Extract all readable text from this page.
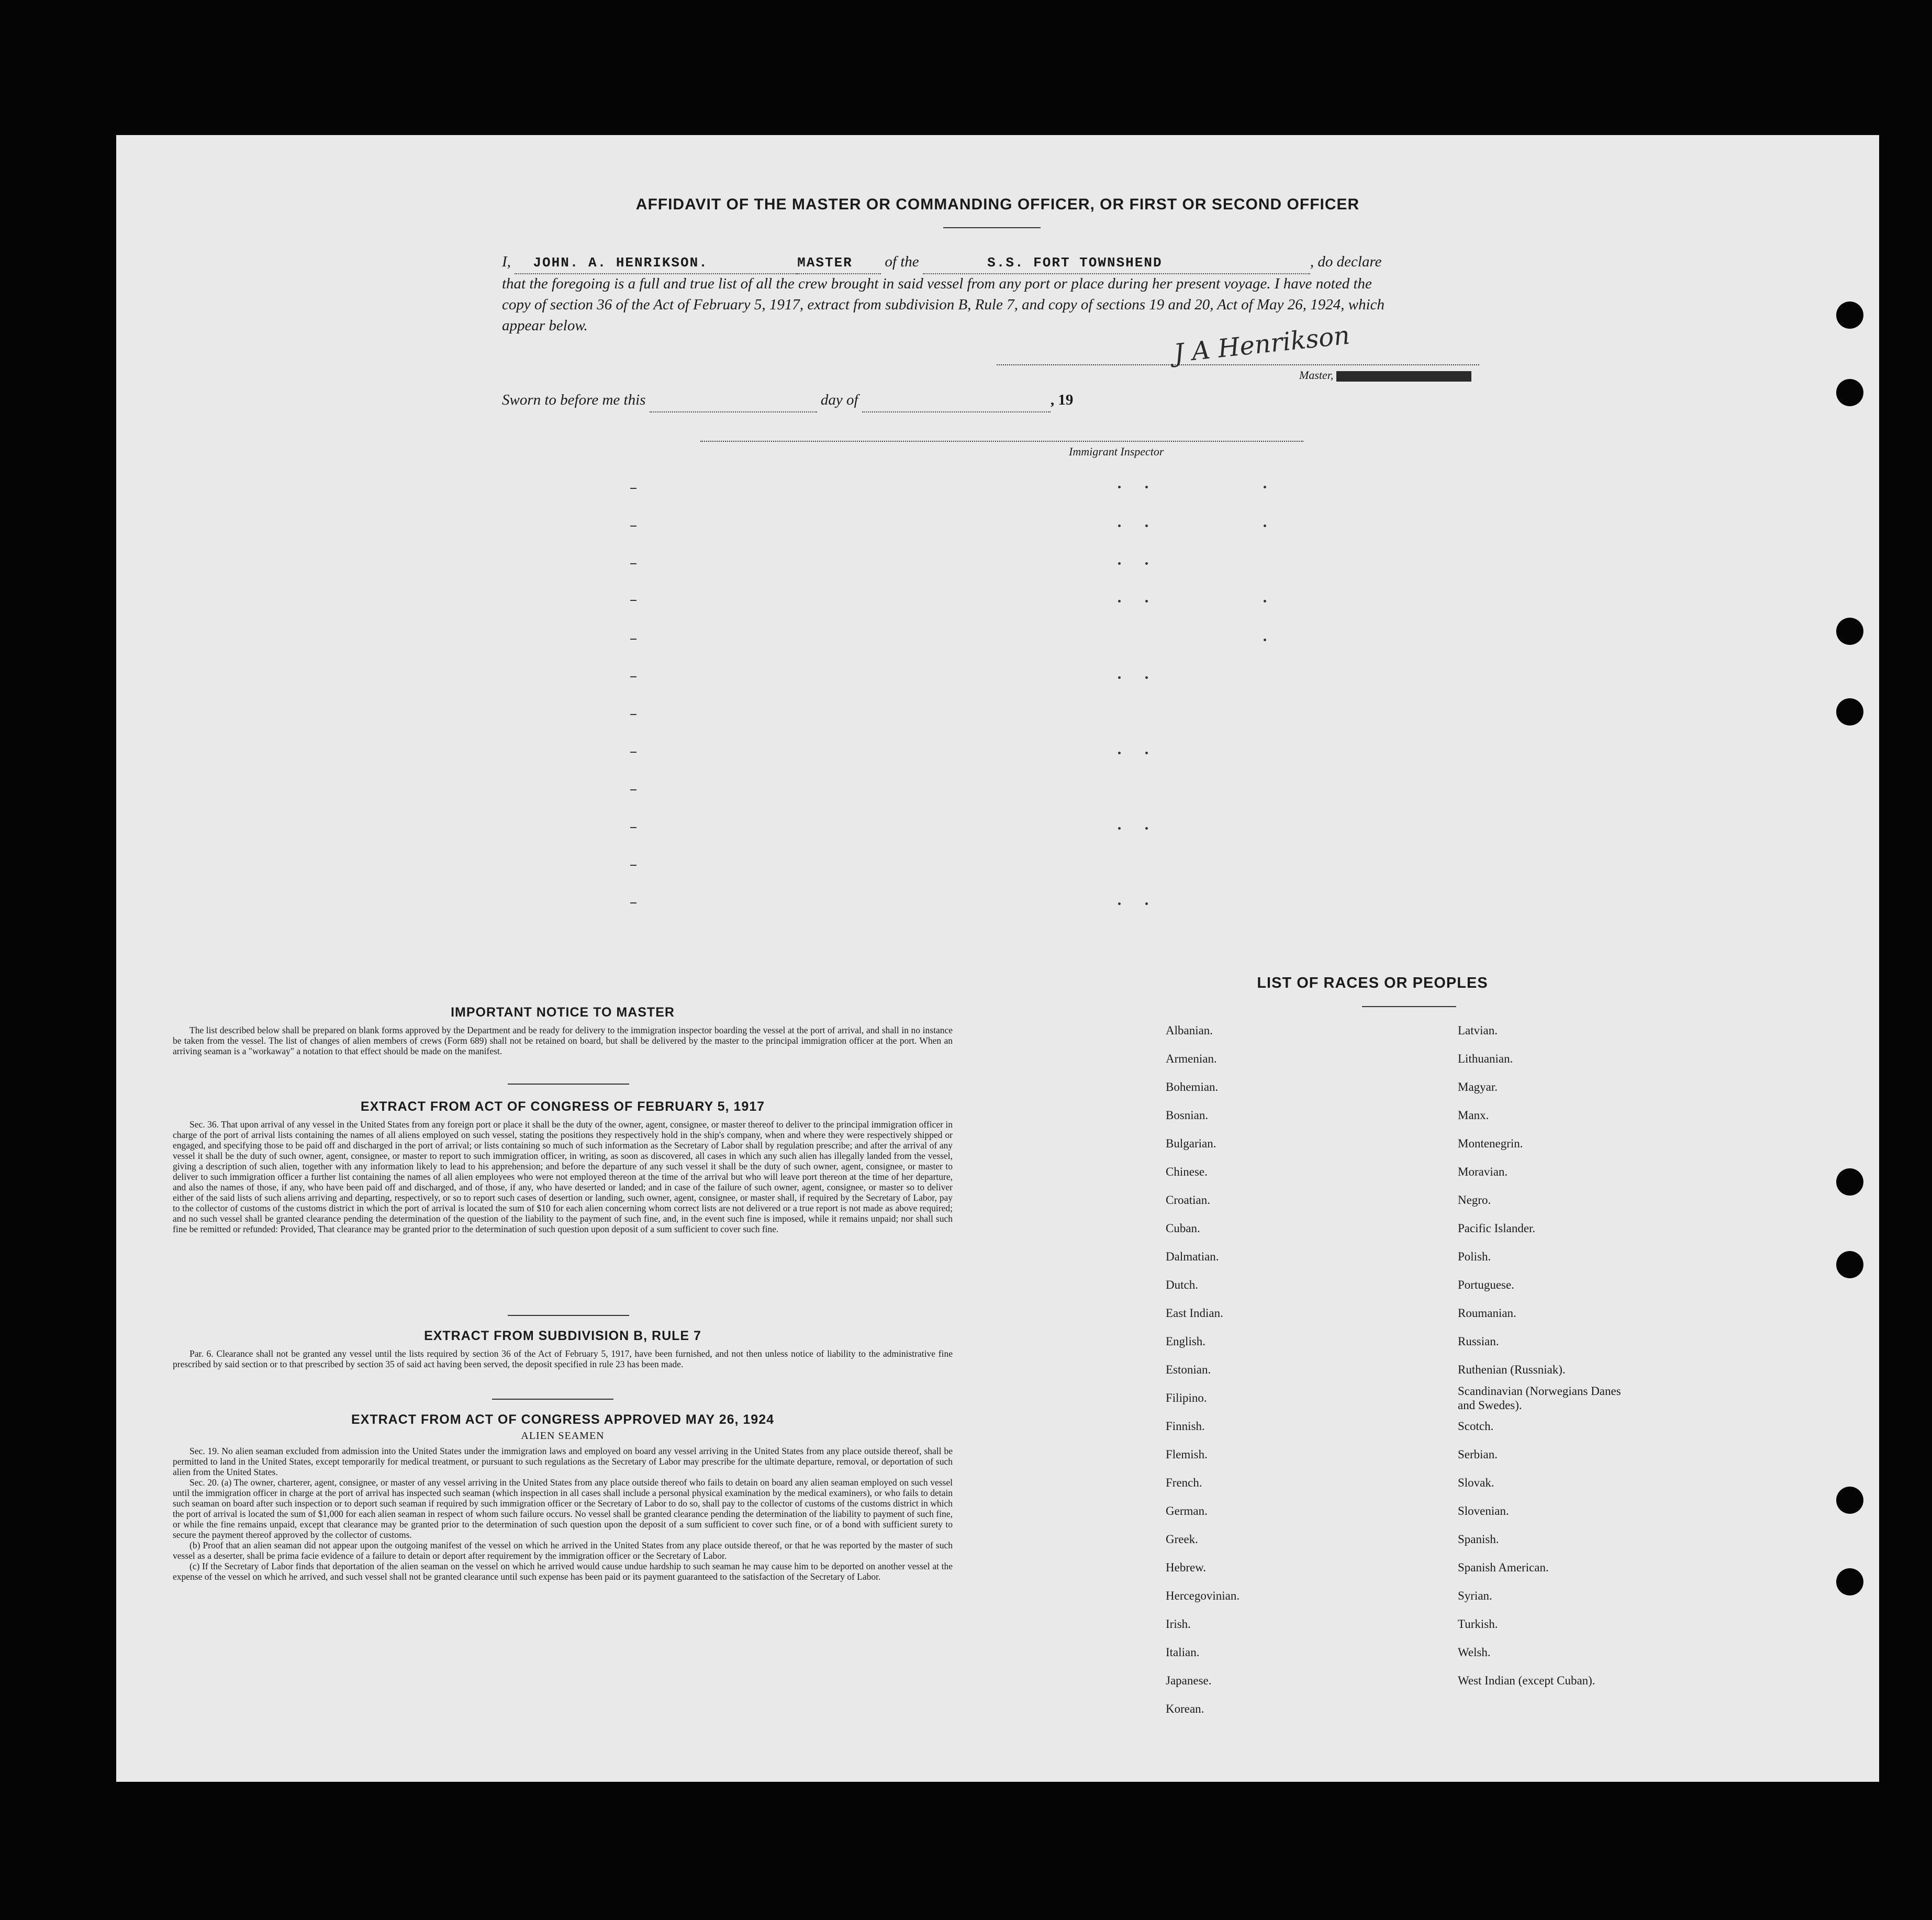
AFFIDAVIT OF THE MASTER OR COMMANDING OFFICER, OR FIRST OR SECOND OFFICER
I, JOHN. A. HENRIKSON.	MASTER of the	S.S. FORT TOWNSHEND	, do declare
that the foregoing is a full and true list of all the crew brought in said vessel from any port or place during her present voyage. I have noted the
copy of section 36 of the Act of February 5, 1917, extract from subdivision B, Rule 7, and copy of sections 19 and 20, Act of May 26, 1924, which
appear below.	J A Henrikson
Master,
Sworn to before me this	day of	, 19
Immigrant Inspector
IMPORTANT NOTICE TO MASTER
The list described below shall be prepared on blank forms approved by the Department and be ready for delivery to the immigration inspector boarding the vessel at the port of arrival, and shall in no instance be taken from the vessel. The list of changes of alien members of crews (Form 689) shall not be retained on board, but shall be delivered by the master to the principal immigration officer at the port. When an arriving seaman is a "workaway" a notation to that effect should be made on the manifest.
EXTRACT FROM ACT OF CONGRESS OF FEBRUARY 5, 1917
Sec. 36. That upon arrival of any vessel in the United States from any foreign port or place it shall be the duty of the owner, agent, consignee, or master thereof to deliver to the principal immigration officer in charge of the port of arrival lists containing the names of all aliens employed on such vessel, stating the positions they respectively hold in the ship's company, when and where they were respectively shipped or engaged, and specifying those to be paid off and discharged in the port of arrival; or lists containing so much of such information as the Secretary of Labor shall by regulation prescribe; and after the arrival of any vessel it shall be the duty of such owner, agent, consignee, or master to report to such immigration officer, in writing, as soon as discovered, all cases in which any such alien has illegally landed from the vessel, giving a description of such alien, together with any information likely to lead to his apprehension; and before the departure of any such vessel it shall be the duty of such owner, agent, consignee, or master to deliver to such immigration officer a further list containing the names of all alien employees who were not employed thereon at the time of the arrival but who will leave port thereon at the time of her departure, and also the names of those, if any, who have been paid off and discharged, and of those, if any, who have deserted or landed; and in case of the failure of such owner, agent, consignee, or master so to deliver either of the said lists of such aliens arriving and departing, respectively, or so to report such cases of desertion or landing, such owner, agent, consignee, or master shall, if required by the Secretary of Labor, pay to the collector of customs of the customs district in which the port of arrival is located the sum of $10 for each alien concerning whom correct lists are not delivered or a true report is not made as above required; and no such vessel shall be granted clearance pending the determination of the question of the liability to the payment of such fine, and, in the event such fine is imposed, while it remains unpaid; nor shall such fine be remitted or refunded: Provided, That clearance may be granted prior to the determination of such question upon deposit of a sum sufficient to cover such fine.
EXTRACT FROM SUBDIVISION B, RULE 7
Par. 6. Clearance shall not be granted any vessel until the lists required by section 36 of the Act of February 5, 1917, have been furnished, and not then unless notice of liability to the administrative fine prescribed by said section or to that prescribed by section 35 of said act having been served, the deposit specified in rule 23 has been made.
EXTRACT FROM ACT OF CONGRESS APPROVED MAY 26, 1924
ALIEN SEAMEN

Sec. 19. No alien seaman excluded from admission into the United States under the immigration laws and employed on board any vessel arriving in the United States from any place outside thereof, shall be permitted to land in the United States, except temporarily for medical treatment, or pursuant to such regulations as the Secretary of Labor may prescribe for the ultimate departure, removal, or deportation of such alien from the United States.

Sec. 20. (a) The owner, charterer, agent, consignee, or master of any vessel arriving in the United States from any place outside thereof who fails to detain on board any alien seaman employed on such vessel until the immigration officer in charge at the port of arrival has inspected such seaman (which inspection in all cases shall include a personal physical examination by the medical examiners), or who fails to detain such seaman on board after such inspection or to deport such seaman if required by such immigration officer or the Secretary of Labor to do so, shall pay to the collector of customs of the customs district in which the port of arrival is located the sum of $1,000 for each alien seaman in respect of whom such failure occurs. No vessel shall be granted clearance pending the determination of the liability to payment of such fine, or while the fine remains unpaid, except that clearance may be granted prior to the determination of such question upon the deposit of a sum sufficient to cover such fine, or of a bond with sufficient surety to secure the payment thereof approved by the collector of customs.

(b) Proof that an alien seaman did not appear upon the outgoing manifest of the vessel on which he arrived in the United States from any place outside thereof, or that he was reported by the master of such vessel as a deserter, shall be prima facie evidence of a failure to detain or deport after requirement by the immigration officer or the Secretary of Labor.

(c) If the Secretary of Labor finds that deportation of the alien seaman on the vessel on which he arrived would cause undue hardship to such seaman he may cause him to be deported on another vessel at the expense of the vessel on which he arrived, and such vessel shall not be granted clearance until such expense has been paid or its payment guaranteed to the satisfaction of the Secretary of Labor.

LIST OF RACES OR PEOPLES
Albanian.
Armenian.
Bohemian.
Bosnian.
Bulgarian.
Chinese.
Croatian.
Cuban.
Dalmatian.
Dutch.
East Indian.
English.
Estonian.
Filipino.
Finnish.
Flemish.
French.
German.
Greek.
Hebrew.
Hercegovinian.
Irish.
Italian.
Japanese.
Korean.
Latvian.
Lithuanian.
Magyar.
Manx.
Montenegrin.
Moravian.
Negro.
Pacific Islander.
Polish.
Portuguese.
Roumanian.
Russian.
Ruthenian (Russniak).
Scandinavian (Norwegians Danes and Swedes).
Scotch.
Serbian.
Slovak.
Slovenian.
Spanish.
Spanish American.
Syrian.
Turkish.
Welsh.
West Indian (except Cuban).
